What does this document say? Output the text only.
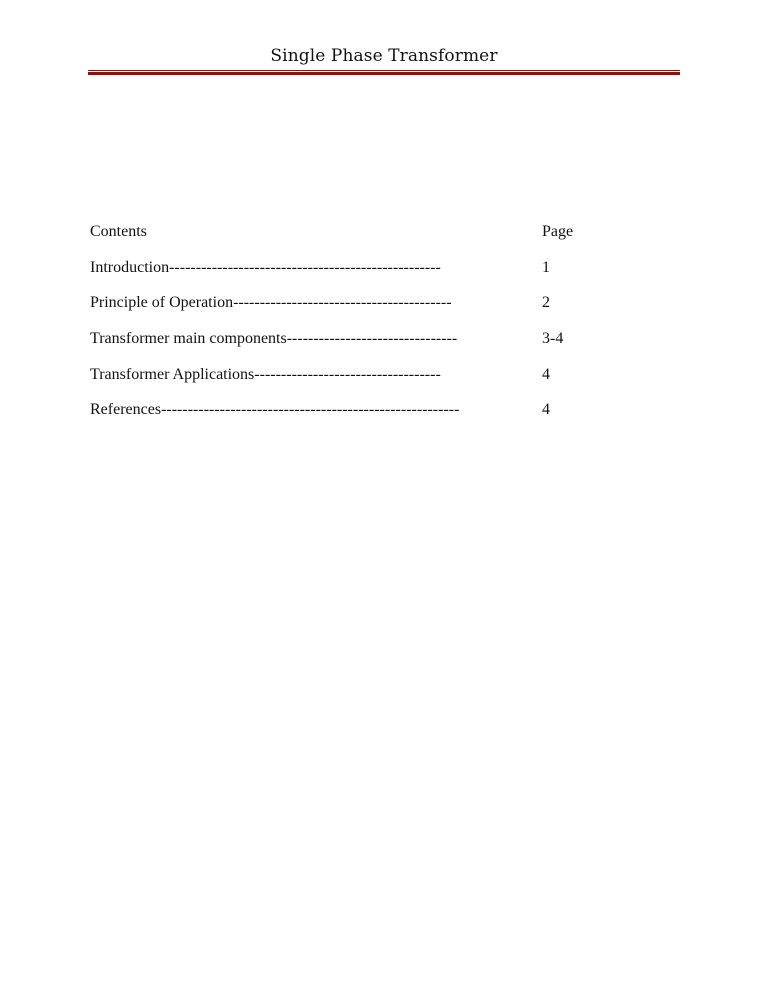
Single Phase Transformer
Contents	Page
Introduction---------------------------------------------------	1
Principle of Operation-----------------------------------------	2
Transformer main components--------------------------------	3-4
Transformer Applications-----------------------------------	4
References--------------------------------------------------------	4
